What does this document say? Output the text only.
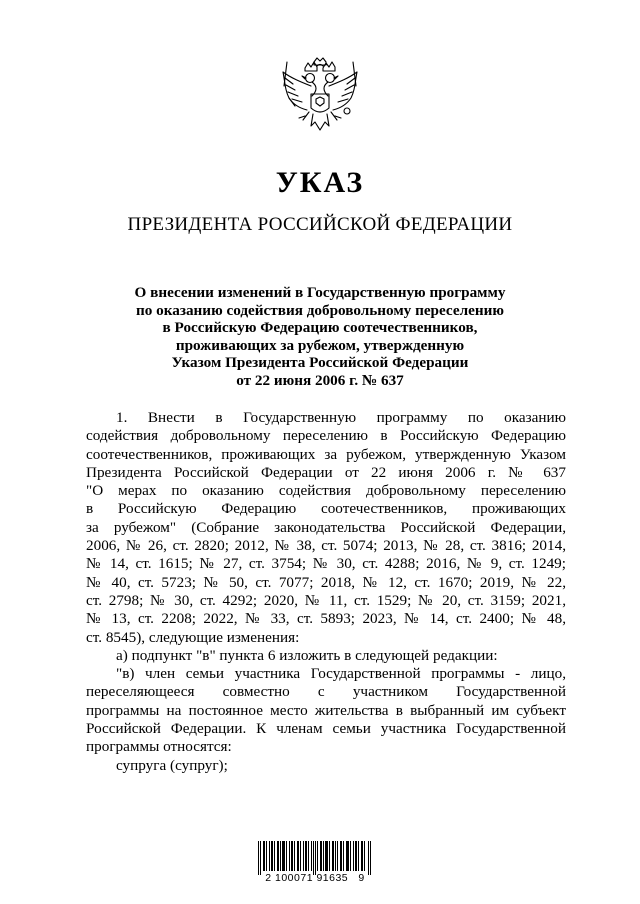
УКАЗ
ПРЕЗИДЕНТА РОССИЙСКОЙ ФЕДЕРАЦИИ
О внесении изменений в Государственную программу
по оказанию содействия добровольному переселению
в Российскую Федерацию соотечественников,
проживающих за рубежом, утвержденную
Указом Президента Российской Федерации
от 22 июня 2006 г. № 637
1. Внести в Государственную программу по оказанию
содействия добровольному переселению в Российскую Федерацию
соотечественников, проживающих за рубежом, утвержденную Указом
Президента Российской Федерации от 22 июня 2006 г. № 637
"О мерах по оказанию содействия добровольному переселению
в Российскую Федерацию соотечественников, проживающих
за рубежом" (Собрание законодательства Российской Федерации,
2006, № 26, ст. 2820; 2012, № 38, ст. 5074; 2013, № 28, ст. 3816; 2014,
№ 14, ст. 1615; № 27, ст. 3754; № 30, ст. 4288; 2016, № 9, ст. 1249;
№ 40, ст. 5723; № 50, ст. 7077; 2018, № 12, ст. 1670; 2019, № 22,
ст. 2798; № 30, ст. 4292; 2020, № 11, ст. 1529; № 20, ст. 3159; 2021,
№ 13, ст. 2208; 2022, № 33, ст. 5893; 2023, № 14, ст. 2400; № 48,
ст. 8545), следующие изменения:
а) подпункт "в" пункта 6 изложить в следующей редакции:
"в) член семьи участника Государственной программы - лицо,
переселяющееся совместно с участником Государственной
программы на постоянное место жительства в выбранный им субъект
Российской Федерации. К членам семьи участника Государственной
программы относятся:
супруга (супруг);
2 100071 91635   9
